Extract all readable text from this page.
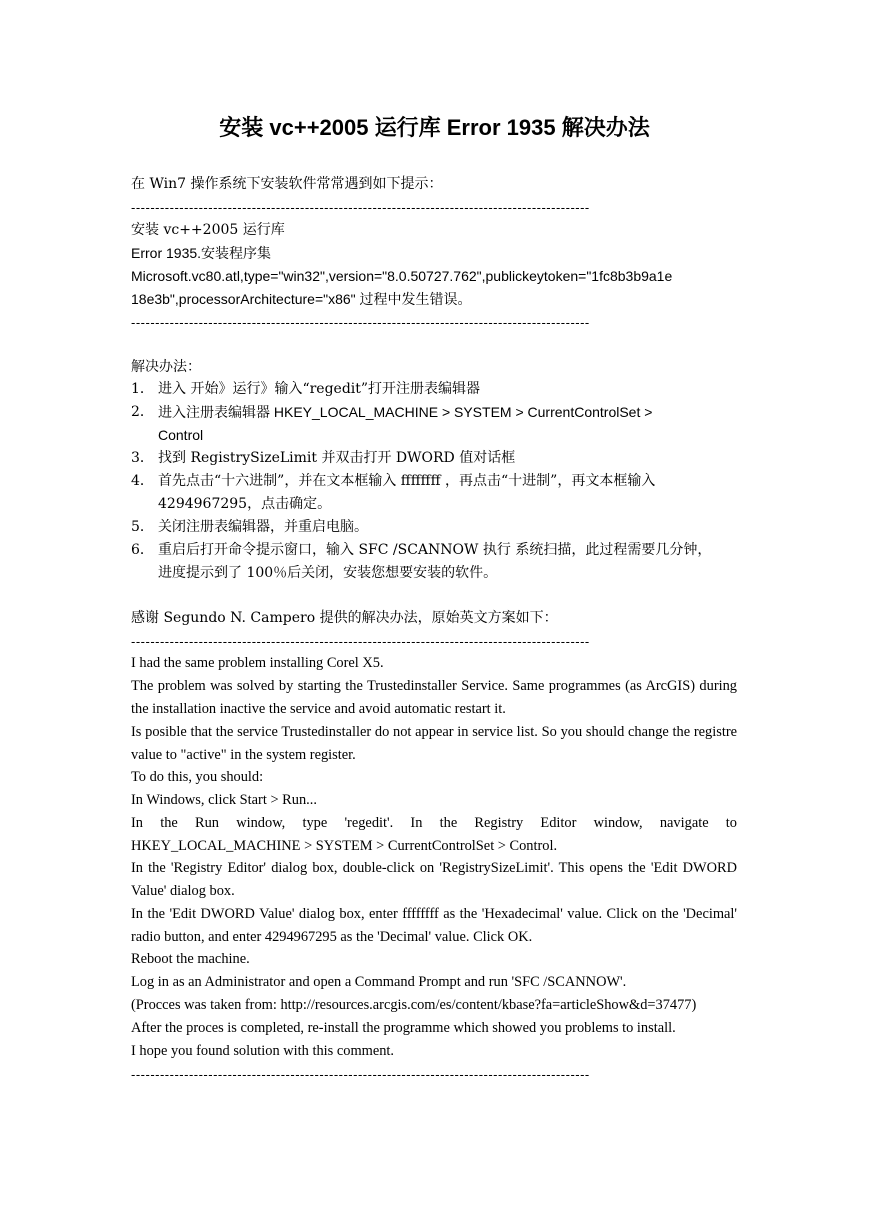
安装 vc++2005 运行库 Error 1935 解决办法
在 Win7 操作系统下安装软件常常遇到如下提示：
-----------------------------------------------------------------------------------------------
安装 vc++2005 运行库
Error 1935.安装程序集
Microsoft.vc80.atl,type="win32",version="8.0.50727.762",publickeytoken="1fc8b3b9a1e
18e3b",processorArchitecture="x86" 过程中发生错误。
-----------------------------------------------------------------------------------------------
解决办法：
1． 进入 开始》运行》输入“regedit”打开注册表编辑器
2． 进入注册表编辑器 HKEY_LOCAL_MACHINE > SYSTEM > CurrentControlSet >
Control
3． 找到 RegistrySizeLimit 并双击打开 DWORD 值对话框
4． 首先点击“十六进制”，并在文本框输入 ffffffff ，再点击“十进制”，再文本框输入
4294967295，点击确定。
5． 关闭注册表编辑器，并重启电脑。
6． 重启后打开命令提示窗口，输入 SFC /SCANNOW 执行 系统扫描，此过程需要几分钟，
进度提示到了 100％后关闭，安装您想要安装的软件。
感谢 Segundo N. Campero 提供的解决办法，原始英文方案如下：
-----------------------------------------------------------------------------------------------
I had the same problem installing Corel X5.
The problem was solved by starting the Trustedinstaller Service. Same programmes (as ArcGIS) during the installation inactive the service and avoid automatic restart it.
Is posible that the service Trustedinstaller do not appear in service list. So you should change the registre value to "active" in the system register.
To do this, you should:
In Windows, click Start > Run...
In the Run window, type 'regedit'. In the Registry Editor window, navigate to HKEY_LOCAL_MACHINE > SYSTEM > CurrentControlSet > Control.
In the 'Registry Editor' dialog box, double-click on 'RegistrySizeLimit'. This opens the 'Edit DWORD Value' dialog box.
In the 'Edit DWORD Value' dialog box, enter ffffffff as the 'Hexadecimal' value. Click on the 'Decimal' radio button, and enter 4294967295 as the 'Decimal' value. Click OK.
Reboot the machine.
Log in as an Administrator and open a Command Prompt and run 'SFC /SCANNOW'.
(Procces was taken from: http://resources.arcgis.com/es/content/kbase?fa=articleShow&d=37477)
After the proces is completed, re-install the programme which showed you problems to install.
I hope you found solution with this comment.
-----------------------------------------------------------------------------------------------
